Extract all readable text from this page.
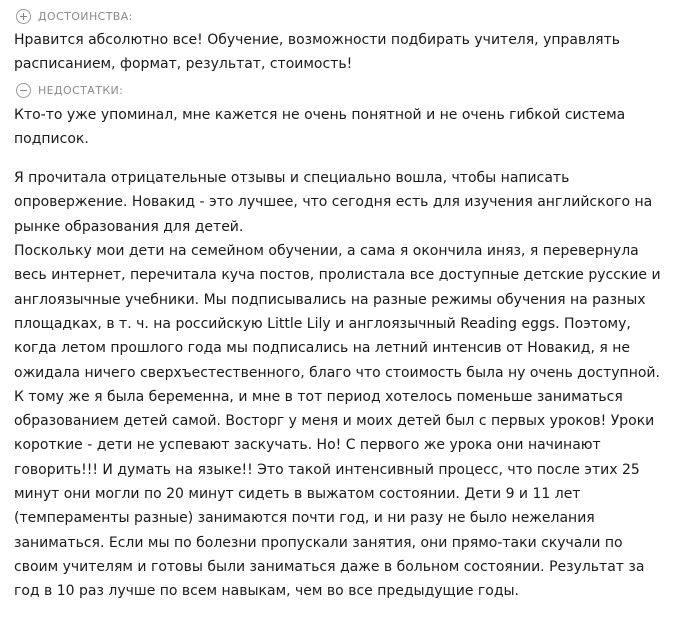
ДОСТОИНСТВА:

Нравится абсолютно все! Обучение, возможности подбирать учителя, управлять
расписанием, формат, результат, стоимость!

НЕДОСТАТКИ:

Кто-то уже упоминал, мне кажется не очень понятной и не очень гибкой система
подписок.

Я прочитала отрицательные отзывы и специально вошла, чтобы написать
опровержение. Новакид - это лучшее, что сегодня есть для изучения английского на
рынке образования для детей.
Поскольку мои дети на семейном обучении, а сама я окончила иняз, я перевернула
весь интернет, перечитала куча постов, пролистала все доступные детские русские и
англоязычные учебники. Мы подписывались на разные режимы обучения на разных
площадках, в т. ч. на российскую Little Lily и англоязычный Reading eggs. Поэтому,
когда летом прошлого года мы подписались на летний интенсив от Новакид, я не
ожидала ничего сверхъестественного, благо что стоимость была ну очень доступной.
К тому же я была беременна, и мне в тот период хотелось поменьше заниматься
образованием детей самой. Восторг у меня и моих детей был с первых уроков! Уроки
короткие - дети не успевают заскучать. Но! С первого же урока они начинают
говорить!!! И думать на языке!! Это такой интенсивный процесс, что после этих 25
минут они могли по 20 минут сидеть в выжатом состоянии. Дети 9 и 11 лет
(темпераменты разные) занимаются почти год, и ни разу не было нежелания
заниматься. Если мы по болезни пропускали занятия, они прямо-таки скучали по
своим учителям и готовы были заниматься даже в больном состоянии. Результат за
год в 10 раз лучше по всем навыкам, чем во все предыдущие годы.
